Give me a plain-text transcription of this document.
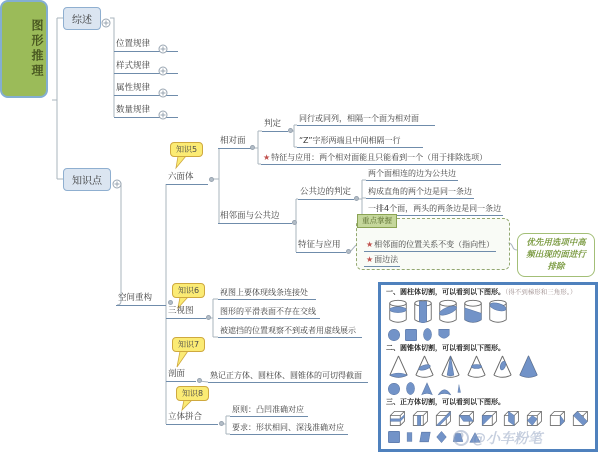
图形推理	综述
知识点
位置规律
样式规律
属性规律
数量规律
空间重构
知识5
六面体
相对面
判定
同行或同列，相隔一个面为相对面
“Z”字形两端且中间相隔一行
★特征与应用：两个相对面能且只能看到一个（用于排除选项）
相邻面与公共边
公共边的判定
两个面相连的边为公共边
构成直角的两个边是同一条边
一排4个面，两头的两条边是同一条边
特征与应用
重点掌握
★相邻面的位置关系不变（指向性）
★面边法
优先用选项中高频出现的面进行排除
知识6
三视图
视图上要体现线条连接处
图形的平滑表面不存在交线
被遮挡的位置观察不到或者用虚线展示
知识7
剖面	熟记正方体、圆柱体、圆锥体的可切得截面
知识8
立体拼合
原则：凸凹准确对应
要求：形状相同、深浅准确对应
一、圆柱体切割，可以看到以下图形。（得不到梯形和三角形。）
二、圆锥体切割，可以看到以下图形。
三、正方体切割，可以看到以下图形。
@小车粉笔
